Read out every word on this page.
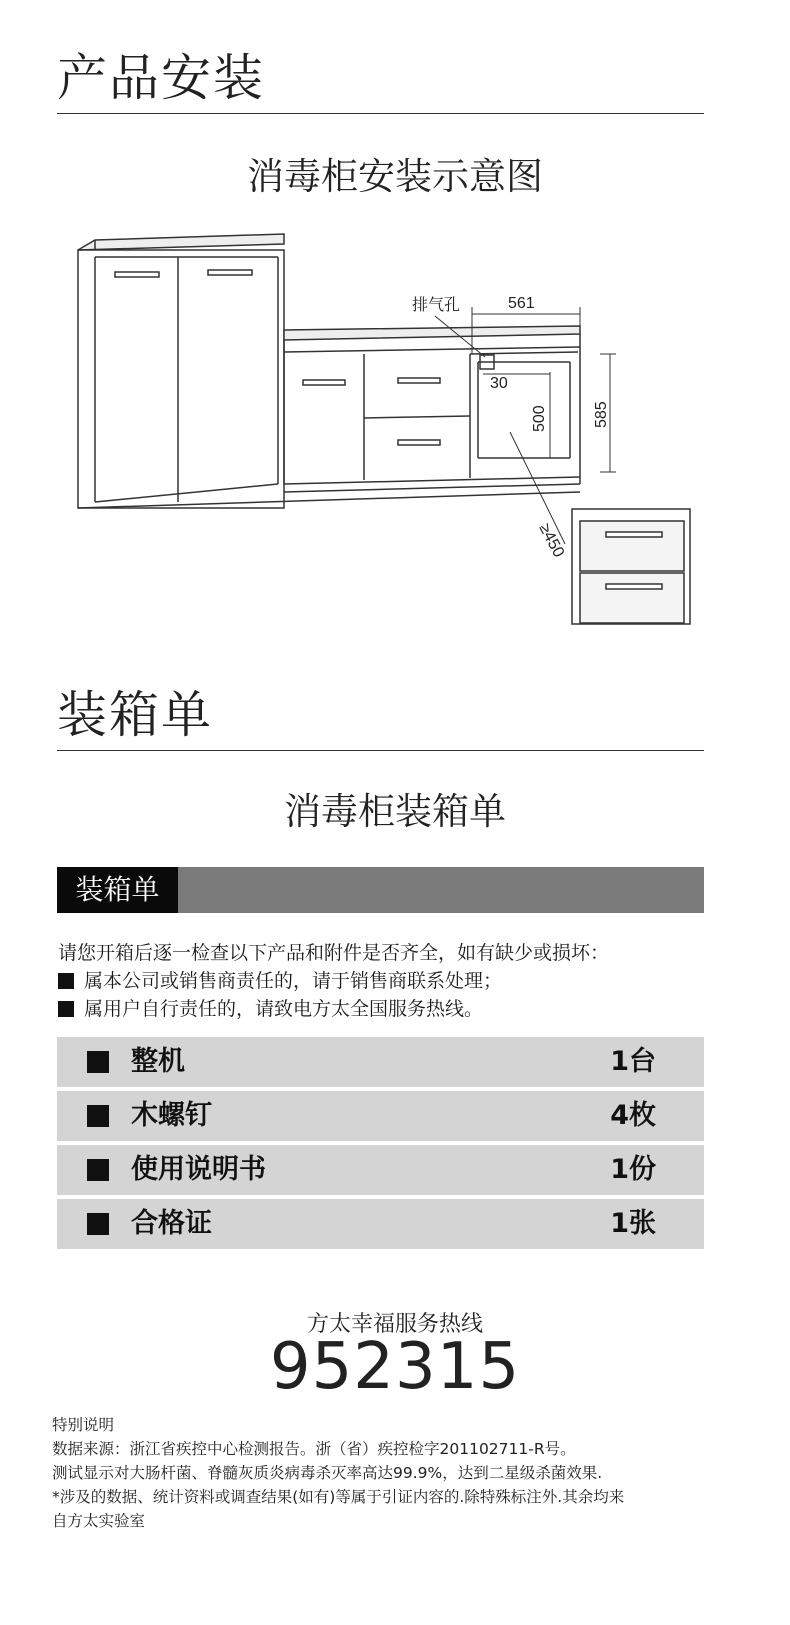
产品安装
消毒柜安装示意图
排气孔	561
30
500	585
≥450
装箱单
消毒柜装箱单
装箱单
请您开箱后逐一检查以下产品和附件是否齐全，如有缺少或损坏：
属本公司或销售商责任的，请于销售商联系处理；
属用户自行责任的，请致电方太全国服务热线。
整机	1台
木螺钉	4枚
使用说明书	1份
合格证	1张
方太幸福服务热线
952315
特别说明
数据来源：浙江省疾控中心检测报告。浙（省）疾控检字201102711-R号。
测试显示对大肠杆菌、脊髓灰质炎病毒杀灭率高达99.9%，达到二星级杀菌效果.
*涉及的数据、统计资料或调查结果(如有)等属于引证内容的.除特殊标注外.其余均来
自方太实验室
